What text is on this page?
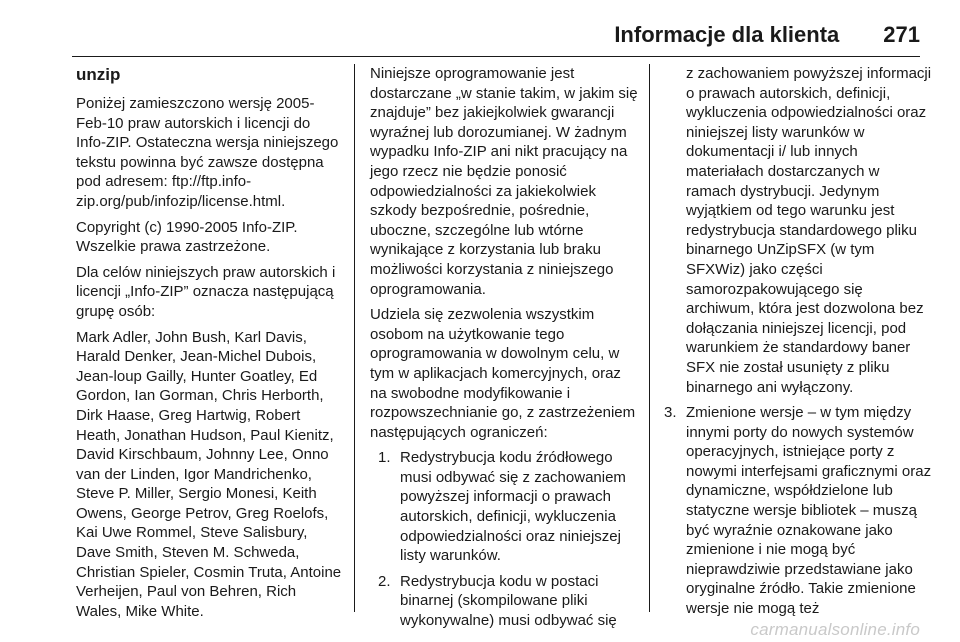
Informacje dla klienta 271
unzip

Poniżej zamieszczono wersję 2005-Feb-10 praw autorskich i licencji do Info-ZIP. Ostateczna wersja niniejszego tekstu powinna być zawsze dostępna pod adresem: ftp://ftp.info-zip.org/pub/infozip/license.html.

Copyright (c) 1990-2005 Info-ZIP. Wszelkie prawa zastrzeżone.

Dla celów niniejszych praw autorskich i licencji „Info-ZIP” oznacza następującą grupę osób:

Mark Adler, John Bush, Karl Davis, Harald Denker, Jean-Michel Dubois, Jean-loup Gailly, Hunter Goatley, Ed Gordon, Ian Gorman, Chris Herborth, Dirk Haase, Greg Hartwig, Robert Heath, Jonathan Hudson, Paul Kienitz, David Kirschbaum, Johnny Lee, Onno van der Linden, Igor Mandrichenko, Steve P. Miller, Sergio Monesi, Keith Owens, George Petrov, Greg Roelofs, Kai Uwe Rommel, Steve Salisbury, Dave Smith, Steven M. Schweda, Christian Spieler, Cosmin Truta, Antoine Verheijen, Paul von Behren, Rich Wales, Mike White.

Niniejsze oprogramowanie jest dostarczane „w stanie takim, w jakim się znajduje” bez jakiejkolwiek gwarancji wyraźnej lub dorozumianej. W żadnym wypadku Info-ZIP ani nikt pracujący na jego rzecz nie będzie ponosić odpowiedzialności za jakiekolwiek szkody bezpośrednie, pośrednie, uboczne, szczególne lub wtórne wynikające z korzystania lub braku możliwości korzystania z niniejszego oprogramowania.

Udziela się zezwolenia wszystkim osobom na użytkowanie tego oprogramowania w dowolnym celu, w tym w aplikacjach komercyjnych, oraz na swobodne modyfikowanie i rozpowszechnianie go, z zastrzeżeniem następujących ograniczeń:

1. Redystrybucja kodu źródłowego musi odbywać się z zachowaniem powyższej informacji o prawach autorskich, definicji, wykluczenia odpowiedzialności oraz niniejszej listy warunków.
2. Redystrybucja kodu w postaci binarnej (skompilowane pliki wykonywalne) musi odbywać się
z zachowaniem powyższej informacji o prawach autorskich, definicji, wykluczenia odpowiedzialności oraz niniejszej listy warunków w dokumentacji i/ lub innych materiałach dostarczanych w ramach dystrybucji. Jedynym wyjątkiem od tego warunku jest redystrybucja standardowego pliku binarnego UnZipSFX (w tym SFXWiz) jako części samorozpakowującego się archiwum, która jest dozwolona bez dołączania niniejszej licencji, pod warunkiem że standardowy baner SFX nie został usunięty z pliku binarnego ani wyłączony.
3. Zmienione wersje – w tym między innymi porty do nowych systemów operacyjnych, istniejące porty z nowymi interfejsami graficznymi oraz dynamiczne, współdzielone lub statyczne wersje bibliotek – muszą być wyraźnie oznakowane jako zmienione i nie mogą być nieprawdziwie przedstawiane jako oryginalne źródło. Takie zmienione wersje nie mogą też
carmanualsonline.info
